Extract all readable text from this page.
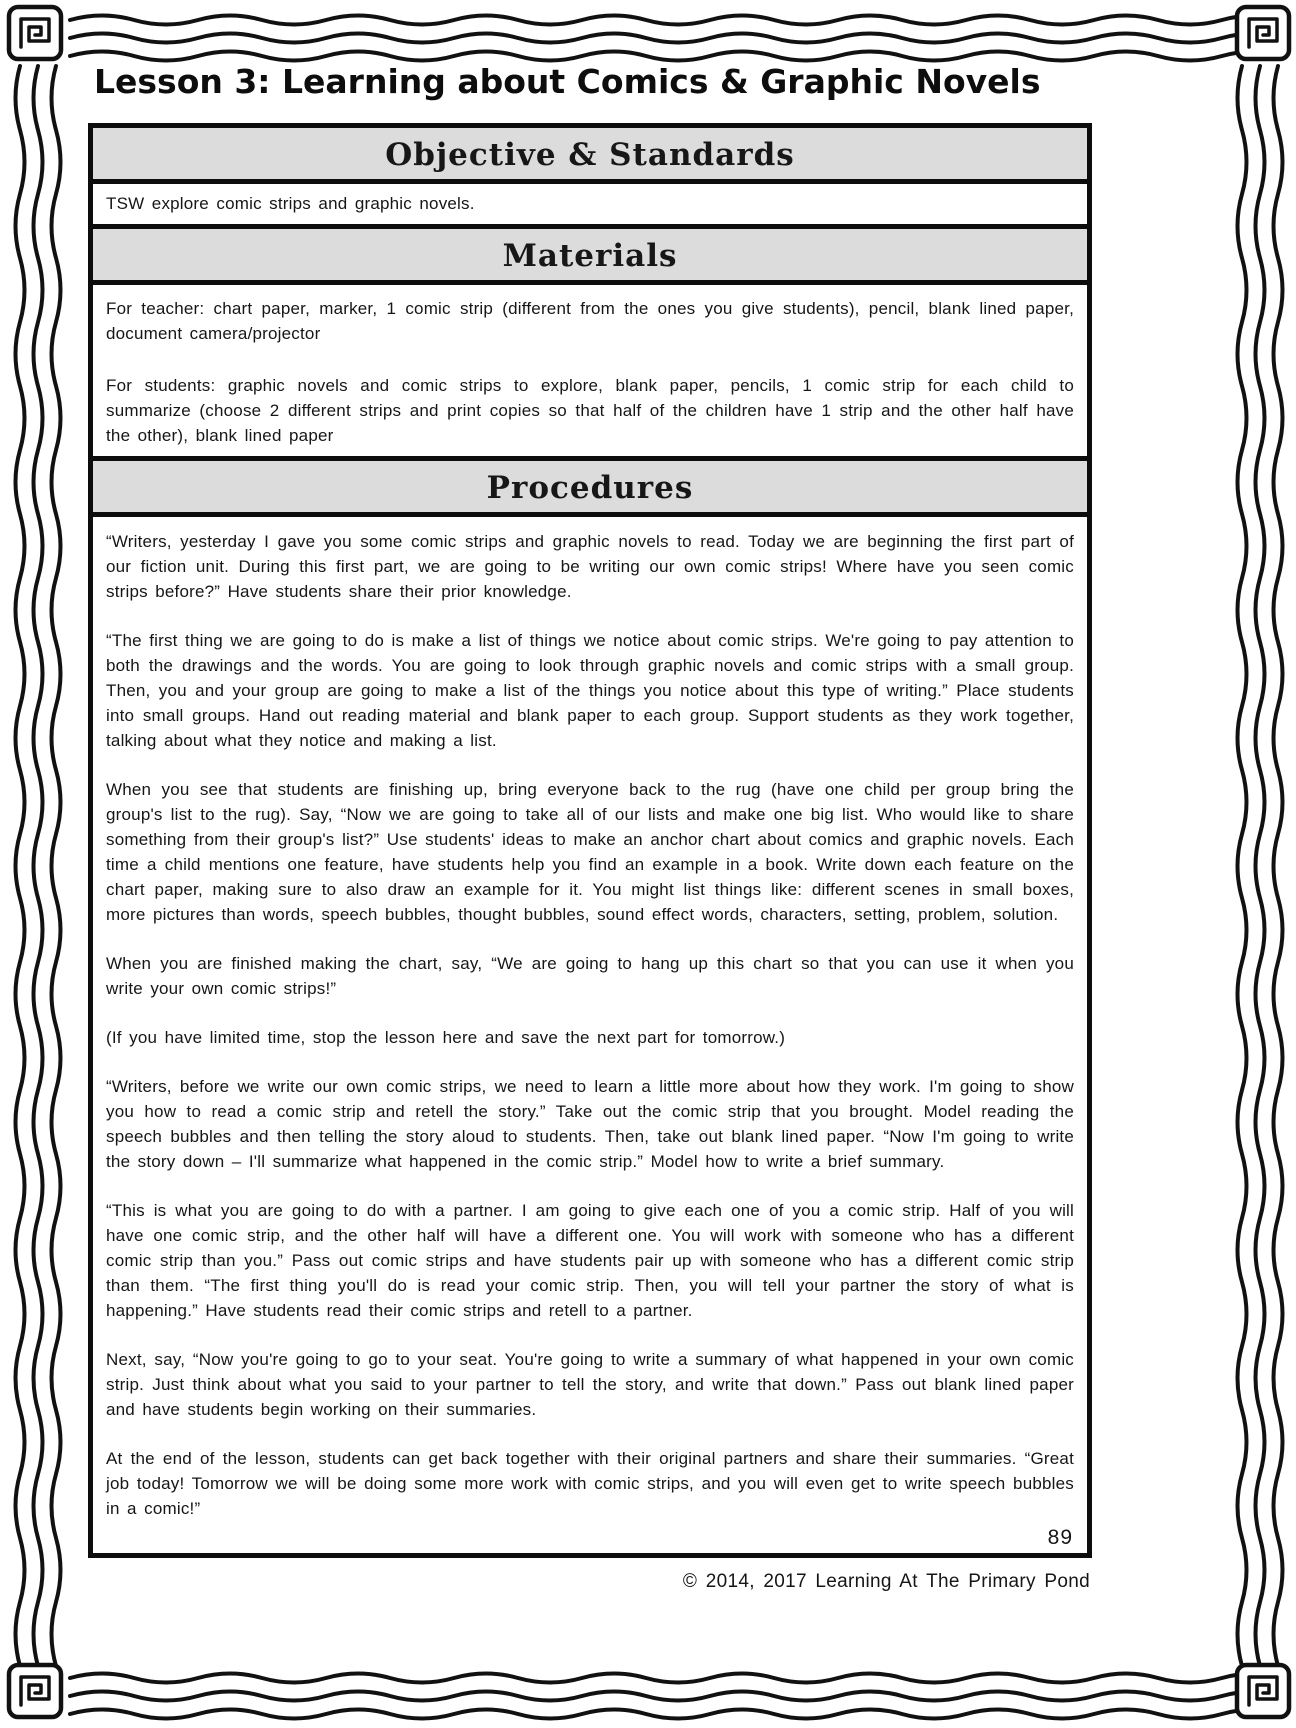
Lesson 3: Learning about Comics & Graphic Novels
Objective & Standards

TSW explore comic strips and graphic novels.

Materials

For teacher: chart paper, marker, 1 comic strip (different from the ones you give students), pencil, blank lined paper, document camera/projector

For students: graphic novels and comic strips to explore, blank paper, pencils, 1 comic strip for each child to summarize (choose 2 different strips and print copies so that half of the children have 1 strip and the other half have the other), blank lined paper

Procedures

“Writers, yesterday I gave you some comic strips and graphic novels to read. Today we are beginning the first part of our fiction unit. During this first part, we are going to be writing our own comic strips! Where have you seen comic strips before?” Have students share their prior knowledge.

“The first thing we are going to do is make a list of things we notice about comic strips. We're going to pay attention to both the drawings and the words. You are going to look through graphic novels and comic strips with a small group. Then, you and your group are going to make a list of the things you notice about this type of writing.” Place students into small groups. Hand out reading material and blank paper to each group. Support students as they work together, talking about what they notice and making a list.

When you see that students are finishing up, bring everyone back to the rug (have one child per group bring the group's list to the rug). Say, “Now we are going to take all of our lists and make one big list. Who would like to share something from their group's list?” Use students' ideas to make an anchor chart about comics and graphic novels. Each time a child mentions one feature, have students help you find an example in a book. Write down each feature on the chart paper, making sure to also draw an example for it. You might list things like: different scenes in small boxes, more pictures than words, speech bubbles, thought bubbles, sound effect words, characters, setting, problem, solution.

When you are finished making the chart, say, “We are going to hang up this chart so that you can use it when you write your own comic strips!”

(If you have limited time, stop the lesson here and save the next part for tomorrow.)

“Writers, before we write our own comic strips, we need to learn a little more about how they work. I'm going to show you how to read a comic strip and retell the story.” Take out the comic strip that you brought. Model reading the speech bubbles and then telling the story aloud to students. Then, take out blank lined paper. “Now I'm going to write the story down – I'll summarize what happened in the comic strip.” Model how to write a brief summary.

“This is what you are going to do with a partner. I am going to give each one of you a comic strip. Half of you will have one comic strip, and the other half will have a different one. You will work with someone who has a different comic strip than you.” Pass out comic strips and have students pair up with someone who has a different comic strip than them. “The first thing you'll do is read your comic strip. Then, you will tell your partner the story of what is happening.” Have students read their comic strips and retell to a partner.

Next, say, “Now you're going to go to your seat. You're going to write a summary of what happened in your own comic strip. Just think about what you said to your partner to tell the story, and write that down.” Pass out blank lined paper and have students begin working on their summaries.

At the end of the lesson, students can get back together with their original partners and share their summaries. “Great job today! Tomorrow we will be doing some more work with comic strips, and you will even get to write speech bubbles in a comic!”

89
© 2014, 2017 Learning At The Primary Pond
